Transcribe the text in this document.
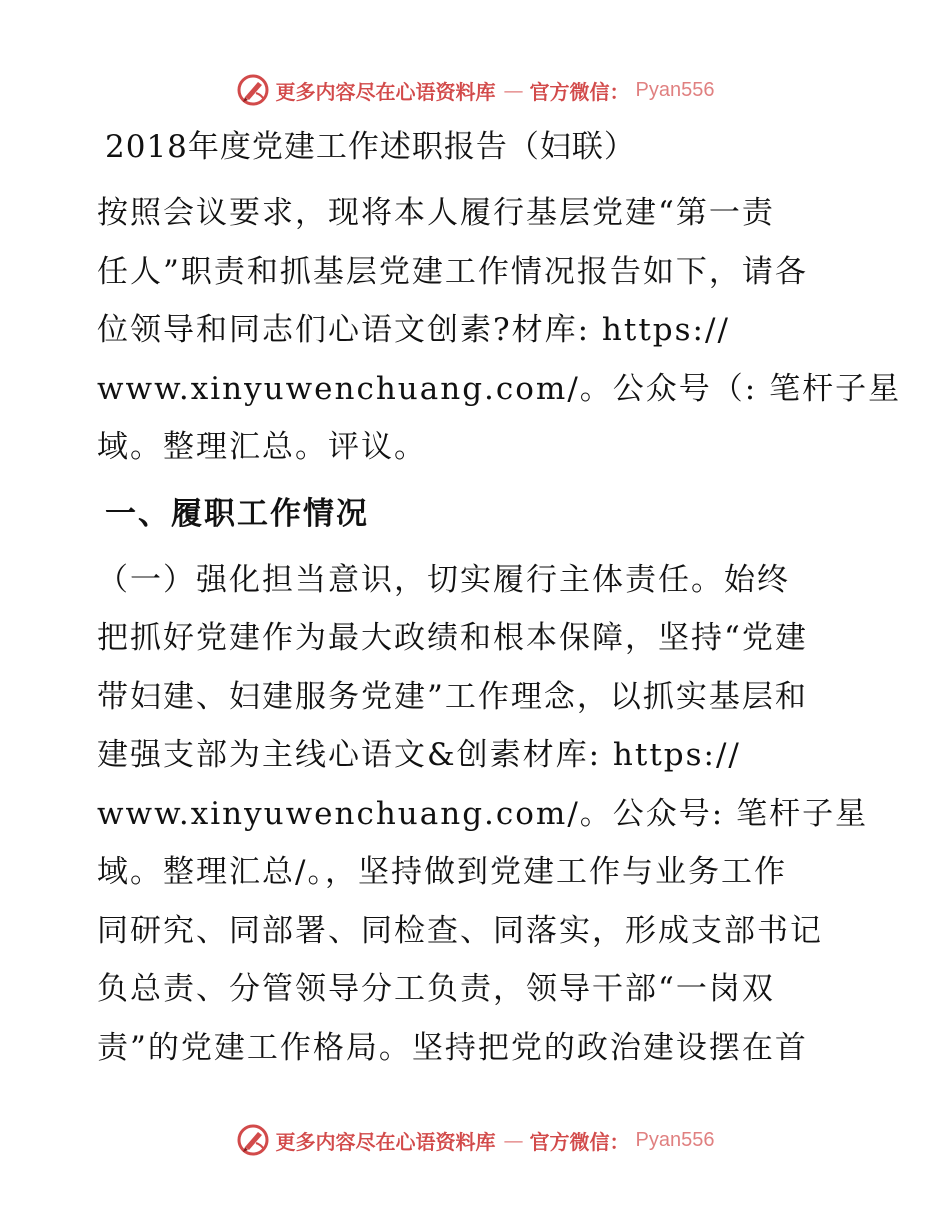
更多内容尽在心语资料库 — 官方微信： Pyan556
2018年度党建工作述职报告（妇联）

按照会议要求，现将本人履行基层党建“第一责
任人”职责和抓基层党建工作情况报告如下，请各
位领导和同志们心语文创素?材库: https://
www.xinyuwenchuang.com/。公众号（: 笔杆子星
域。整理汇总。评议。

一、履职工作情况

（一）强化担当意识，切实履行主体责任。始终
把抓好党建作为最大政绩和根本保障，坚持“党建
带妇建、妇建服务党建”工作理念，以抓实基层和
建强支部为主线心语文&创素材库: https://
www.xinyuwenchuang.com/。公众号: 笔杆子星
域。整理汇总/。，坚持做到党建工作与业务工作
同研究、同部署、同检查、同落实，形成支部书记
负总责、分管领导分工负责，领导干部“一岗双
责”的党建工作格局。坚持把党的政治建设摆在首

更多内容尽在心语资料库 — 官方微信： Pyan556
